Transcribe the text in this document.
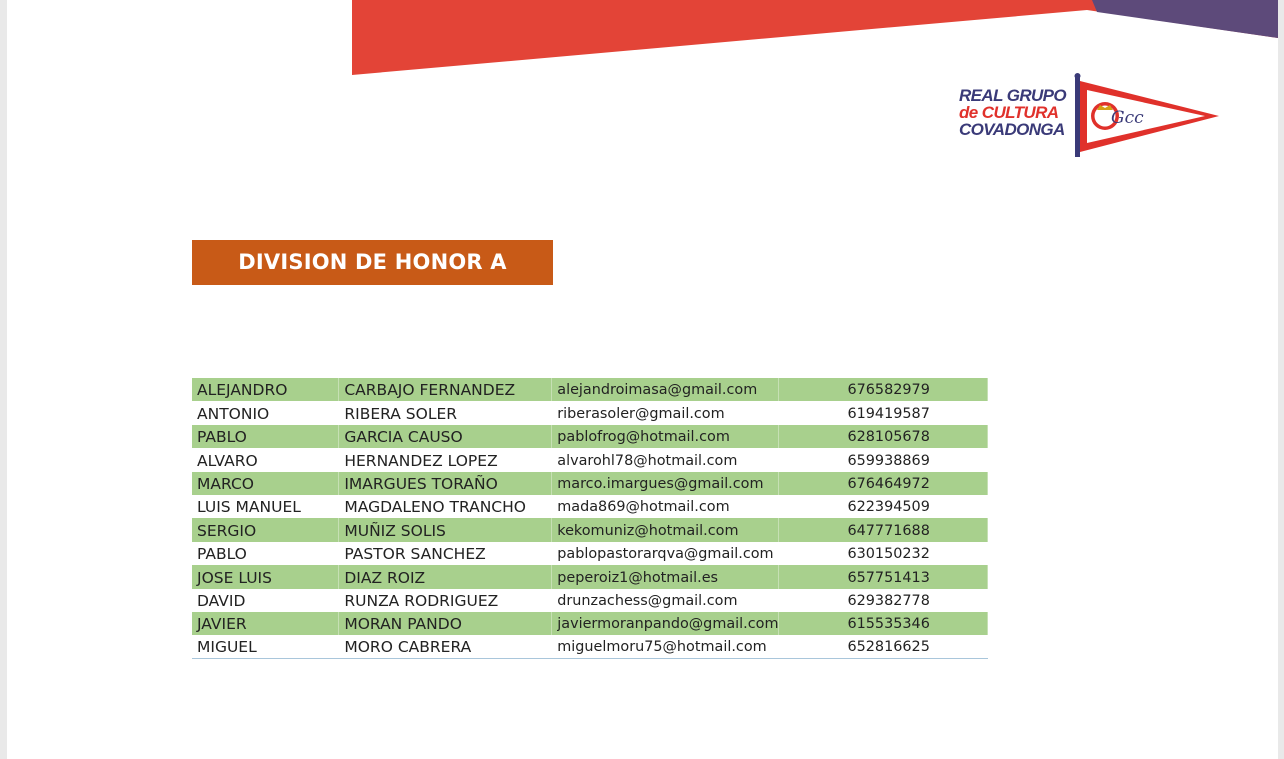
REAL GRUPO
de CULTURA
COVADONGA
Gcc
DIVISION DE HONOR A
ALEJANDRO	CARBAJO FERNANDEZ	alejandroimasa@gmail.com	676582979
ANTONIO	RIBERA SOLER	riberasoler@gmail.com	619419587
PABLO	GARCIA CAUSO	pablofrog@hotmail.com	628105678
ALVARO	HERNANDEZ LOPEZ	alvarohl78@hotmail.com	659938869
MARCO	IMARGUES TORAÑO	marco.imargues@gmail.com	676464972
LUIS MANUEL	MAGDALENO TRANCHO	mada869@hotmail.com	622394509
SERGIO	MUÑIZ SOLIS	kekomuniz@hotmail.com	647771688
PABLO	PASTOR SANCHEZ	pablopastorarqva@gmail.com	630150232
JOSE LUIS	DIAZ ROIZ	peperoiz1@hotmail.es	657751413
DAVID	RUNZA RODRIGUEZ	drunzachess@gmail.com	629382778
JAVIER	MORAN PANDO	javiermoranpando@gmail.com	615535346
MIGUEL	MORO CABRERA	miguelmoru75@hotmail.com	652816625
